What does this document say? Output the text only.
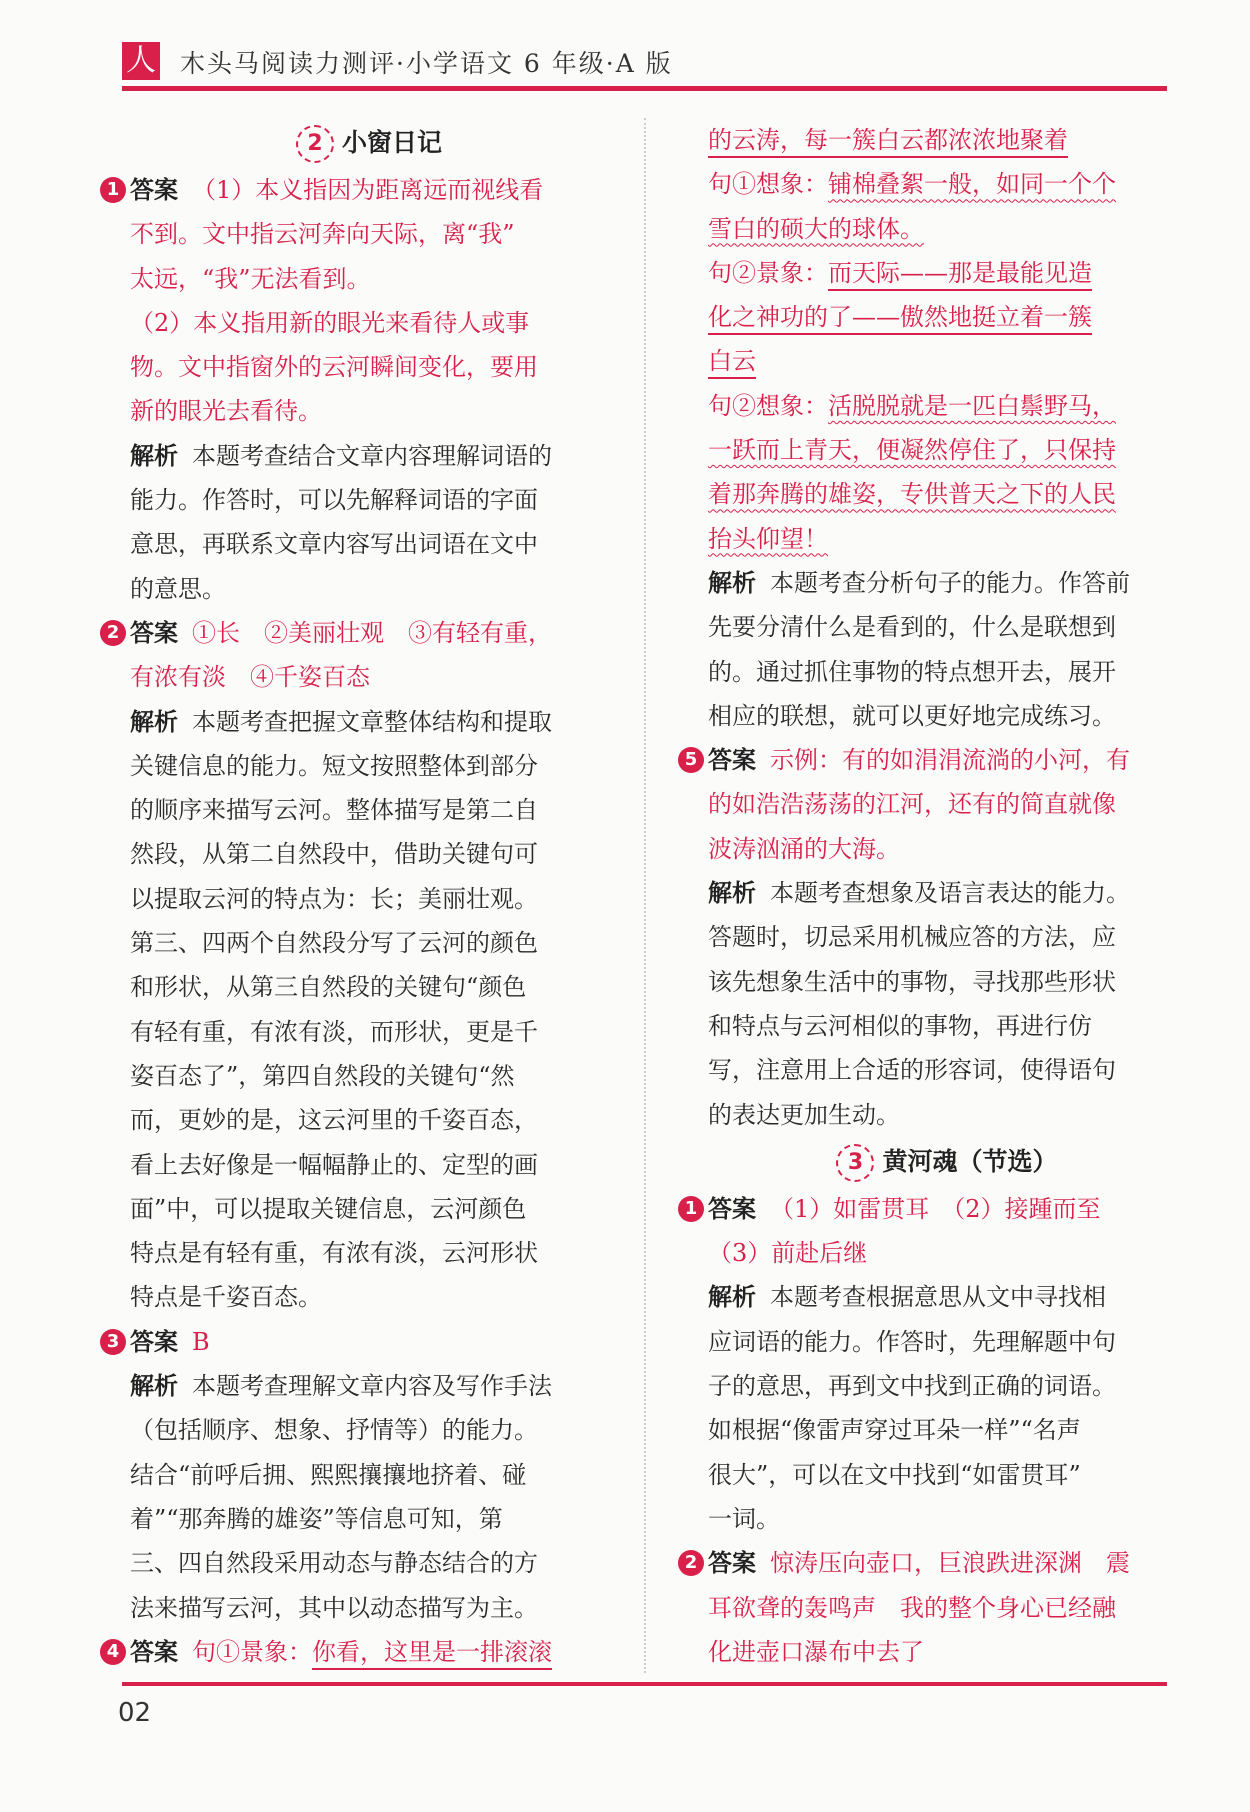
人 木头马阅读力测评·小学语文 6 年级·A 版
2 小窗日记
1 答案 （1）本义指因为距离远而视线看
不到。文中指云河奔向天际，离“我”
太远，“我”无法看到。
（2）本义指用新的眼光来看待人或事
物。文中指窗外的云河瞬间变化，要用
新的眼光去看待。
解析 本题考查结合文章内容理解词语的
能力。作答时，可以先解释词语的字面
意思，再联系文章内容写出词语在文中
的意思。
2 答案 ①长　②美丽壮观　③有轻有重，
有浓有淡　④千姿百态
解析 本题考查把握文章整体结构和提取
关键信息的能力。短文按照整体到部分
的顺序来描写云河。整体描写是第二自
然段，从第二自然段中，借助关键句可
以提取云河的特点为：长；美丽壮观。
第三、四两个自然段分写了云河的颜色
和形状，从第三自然段的关键句“颜色
有轻有重，有浓有淡，而形状，更是千
姿百态了”，第四自然段的关键句“然
而，更妙的是，这云河里的千姿百态，
看上去好像是一幅幅静止的、定型的画
面”中，可以提取关键信息，云河颜色
特点是有轻有重，有浓有淡，云河形状
特点是千姿百态。
3 答案 B
解析 本题考查理解文章内容及写作手法
（包括顺序、想象、抒情等）的能力。
结合“前呼后拥、熙熙攘攘地挤着、碰
着”“那奔腾的雄姿”等信息可知，第
三、四自然段采用动态与静态结合的方
法来描写云河，其中以动态描写为主。
4 答案 句①景象：你看，这里是一排滚滚
的云涛，每一簇白云都浓浓地聚着
句①想象：铺棉叠絮一般，如同一个个
雪白的硕大的球体。
句②景象：而天际——那是最能见造
化之神功的了——傲然地挺立着一簇
白云
句②想象：活脱脱就是一匹白鬃野马，
一跃而上青天，便凝然停住了，只保持
着那奔腾的雄姿，专供普天之下的人民
抬头仰望！
解析 本题考查分析句子的能力。作答前
先要分清什么是看到的，什么是联想到
的。通过抓住事物的特点想开去，展开
相应的联想，就可以更好地完成练习。
5 答案 示例：有的如涓涓流淌的小河，有
的如浩浩荡荡的江河，还有的简直就像
波涛汹涌的大海。
解析 本题考查想象及语言表达的能力。
答题时，切忌采用机械应答的方法，应
该先想象生活中的事物，寻找那些形状
和特点与云河相似的事物，再进行仿
写，注意用上合适的形容词，使得语句
的表达更加生动。
3 黄河魂（节选）
1 答案 （1）如雷贯耳　（2）接踵而至
（3）前赴后继
解析 本题考查根据意思从文中寻找相
应词语的能力。作答时，先理解题中句
子的意思，再到文中找到正确的词语。
如根据“像雷声穿过耳朵一样”“名声
很大”，可以在文中找到“如雷贯耳”
一词。
2 答案 惊涛压向壶口，巨浪跌进深渊　震
耳欲聋的轰鸣声　我的整个身心已经融
化进壶口瀑布中去了
02
